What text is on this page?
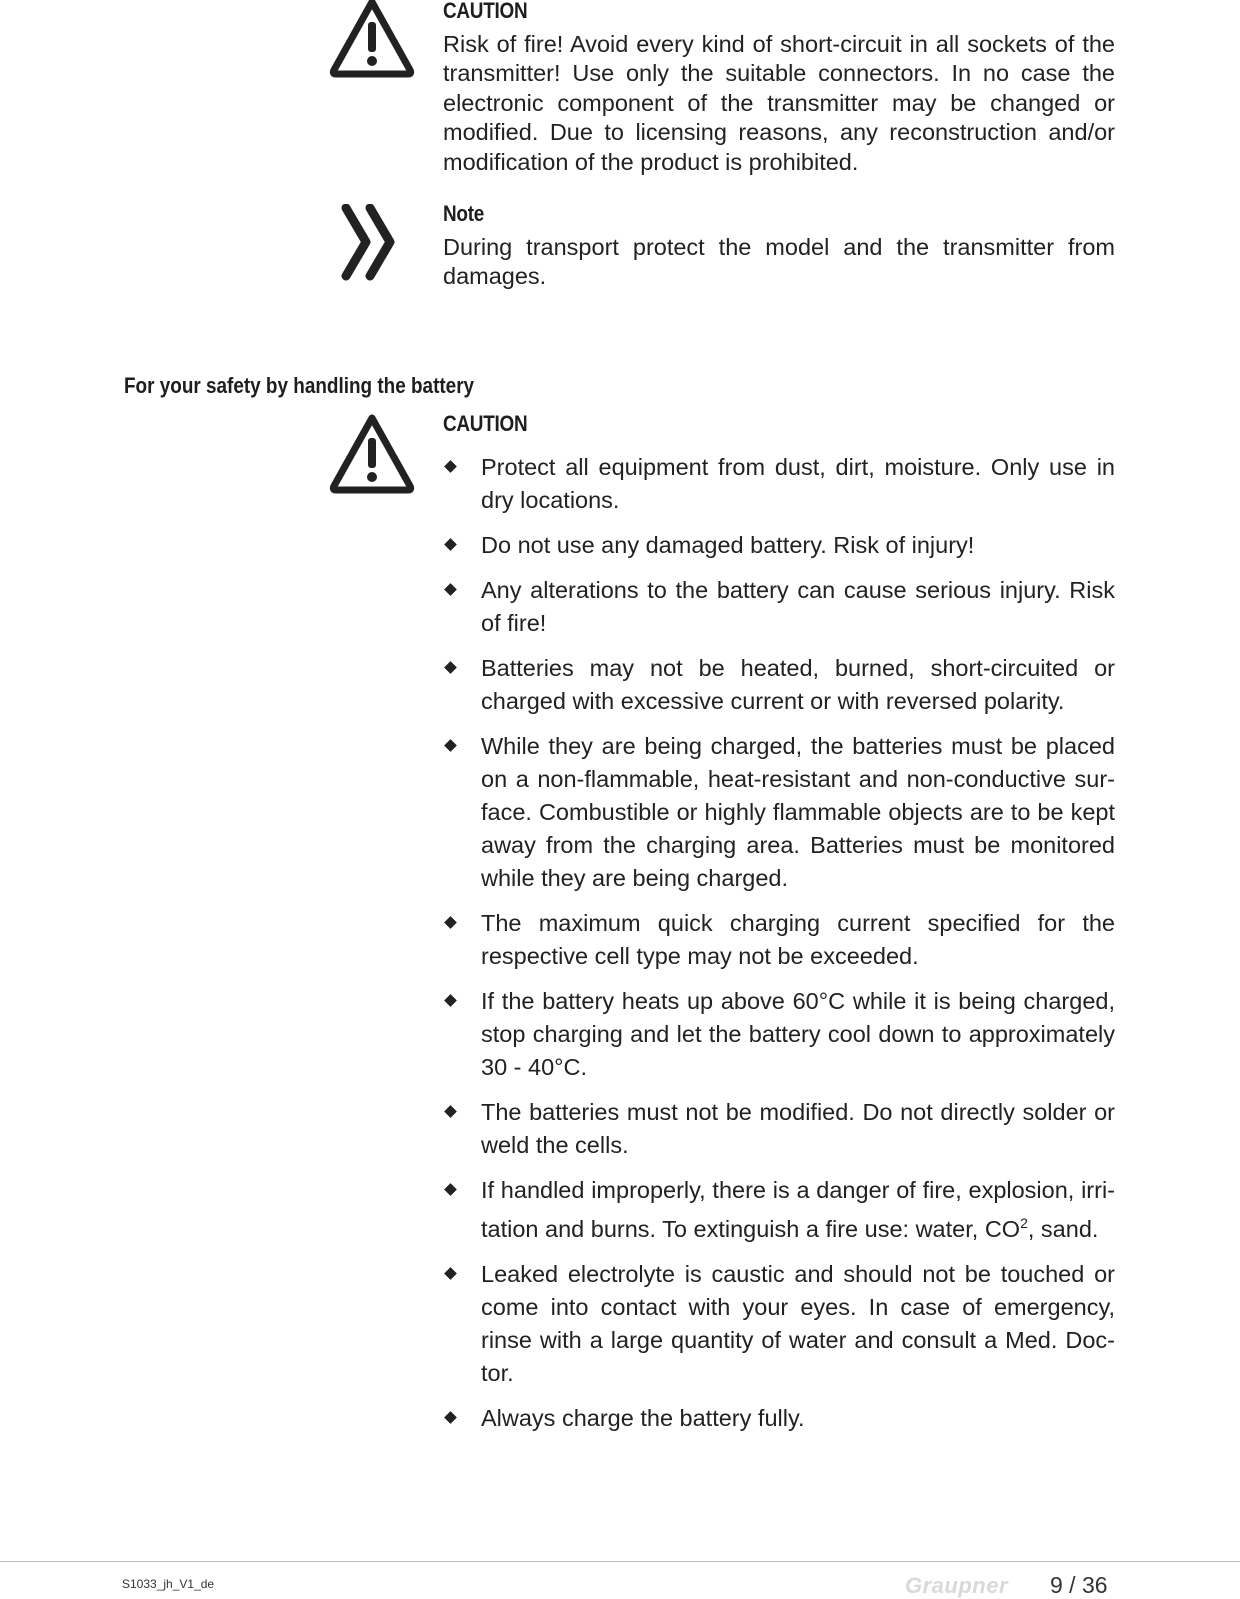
CAUTION
Risk of fire! Avoid every kind of short-circuit in all sockets of the transmitter! Use only the suitable connectors. In no case the electronic component of the transmitter may be changed or modified. Due to licensing reasons, any reconstruction and/or modification of the product is prohibited.
Note
During transport protect the model and the transmitter from damages.
For your safety by handling the battery
CAUTION
Protect all equipment from dust, dirt, moisture. Only use in dry locations.
Do not use any damaged battery. Risk of injury!
Any alterations to the battery can cause serious injury. Risk of fire!
Batteries may not be heated, burned, short-circuited or charged with excessive current or with reversed polarity.
While they are being charged, the batteries must be placed on a non-flammable, heat-resistant and non-conductive sur-face. Combustible or highly flammable objects are to be kept away from the charging area. Batteries must be monitored while they are being charged.
The maximum quick charging current specified for the respective cell type may not be exceeded.
If the battery heats up above 60°C while it is being charged, stop charging and let the battery cool down to approximately 30 - 40°C.
The batteries must not be modified. Do not directly solder or weld the cells.
If handled improperly, there is a danger of fire, explosion, irri-tation and burns. To extinguish a fire use: water, $CO^2$, sand.
Leaked electrolyte is caustic and should not be touched or come into contact with your eyes. In case of emergency, rinse with a large quantity of water and consult a Med. Doc-tor.
Always charge the battery fully.
S1033_jh_V1_de	Graupner 9 / 36
